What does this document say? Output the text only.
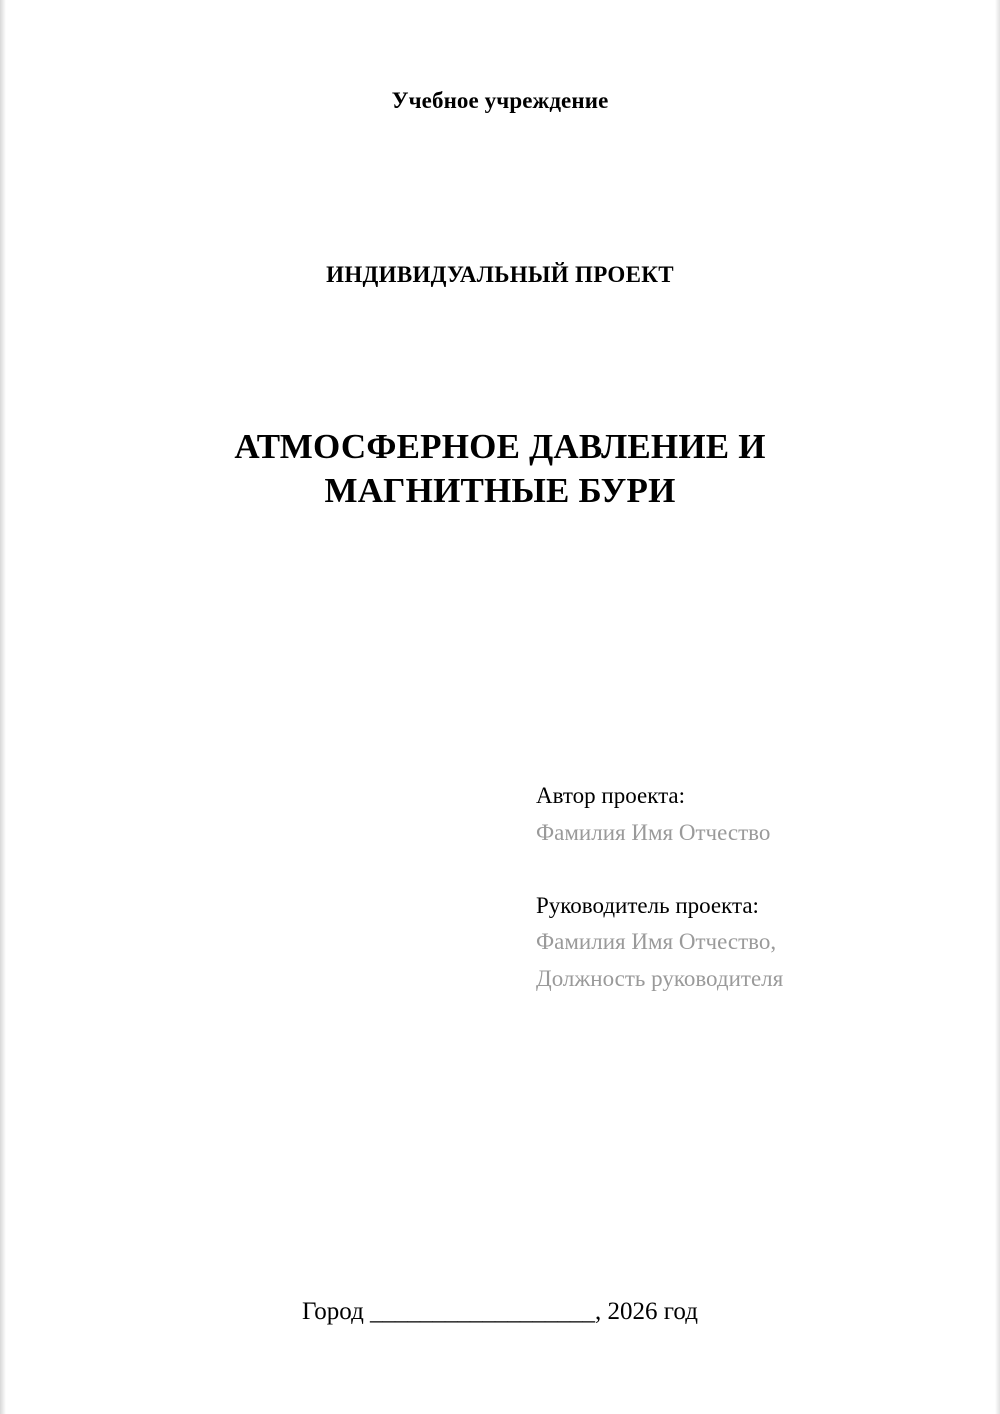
Учебное учреждение
ИНДИВИДУАЛЬНЫЙ ПРОЕКТ
АТМОСФЕРНОЕ ДАВЛЕНИЕ И
МАГНИТНЫЕ БУРИ
Автор проекта:
Фамилия Имя Отчество
Руководитель проекта:
Фамилия Имя Отчество,
Должность руководителя
Город __________________, 2026 год
